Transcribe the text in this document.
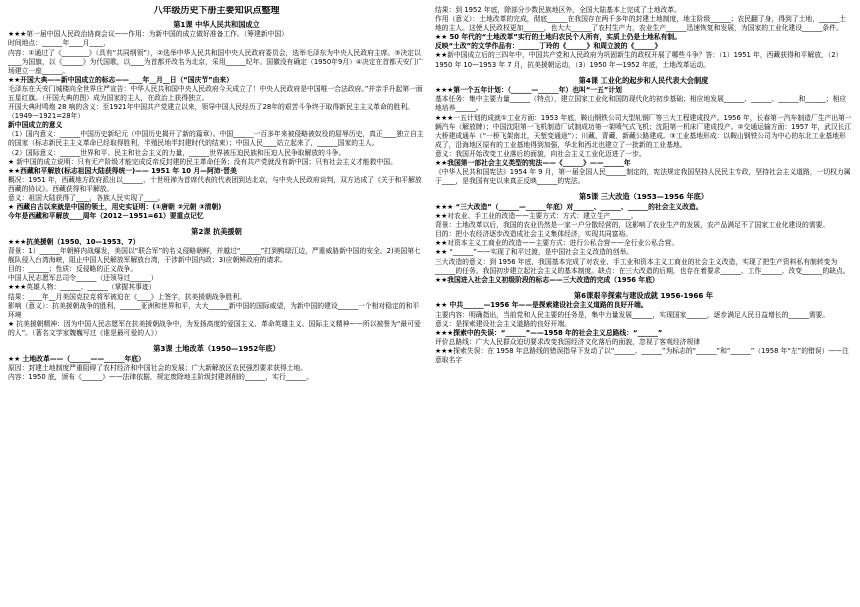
八年级历史下册主要知识点整理
第1课 中华人民共和国成立

★★★第一届中国人民政治协商会议——作用：为新中国的成立做好准备工作。（筹建新中国）

时间地点：______年____月____，

内容：①通过了《________》（具有“共同纲领”），②选举中华人民共和国中央人民政府委员会，选举毛泽东为中央人民政府主席。③决定以____为国旗，以《______》为代国歌，以____为首都并改名为北京，采用______纪年。国徽没有确定（1950年9月）④决定在首都天安门广场建立一座______。

★★开国大典——新中国成立的标志——____年__月__日（“国庆节”由来）

毛泽东在天安门城楼向全世界庄严宣告：中华人民共和国中央人民政府今天成立了！中央人民政府是中国唯一合法政府。”并亲手升起第一面五星红旗。（开国大典的图）成为国家的主人，在政治上获得独立。

开国大典时鸣炮 28 响的含义：至1921年中国共产党建立以来，领导中国人民经历了28年的艰苦斗争终于取得新民主主义革命的胜利。（1949—1921=28年）

新中国成立的意义

（1）国内意义：______中国历史新纪元（中国历史揭开了新的篇章）。中国______一百多年来被侵略被奴役的屈辱历史，真正____独立自主的国家（标志新民主主义革命已经取得胜利，半殖民地半封建时代的结束）；中国人民____站立起来了，______国家的主人。

（2）国际意义：______世界和平、民主和社会主义的力量，______世界被压迫民族和压迫人民争取解放的斗争。

★ 新中国的成立说明：只有无产阶级才能完成反帝反封建的民主革命任务；没有共产党就没有新中国；只有社会主义才能救中国。

★★西藏和平解放(标志祖国大陆获得统一)—— 1951 年 10 月—阿沛·晋美

概况：1951 年，西藏地方政府派出以______、十世班禅为首席代表的代表团到达北京，与中央人民政府谈判，双方达成了《关于和平解放西藏的协议》。西藏获得和平解放。

意义：祖国大陆获得了____，各族人民实现了____。

★ 西藏自古以来就是中国的领土，用史实证明：(①唐朝 ②元朝 ③清朝)

今年是西藏和平解放____周年（2012－1951=61）要重点记忆

第2课 抗美援朝

★★★抗美援朝（1950、10—1953、7）

背景：1）______年朝鲜内战爆发，美国以“联合军”的名义侵略朝鲜，并越过“______”打到鸭绿江边，严重威胁新中国的安全。2)美国第七舰队侵入台湾海峡，阻止中国人民解放军解放台湾，干涉新中国内政；3)应朝鲜政府的请求。

目的：______；性质：反侵略的正义战争。

中国人民志愿军总司令______（还领导过______）

★★★英雄人物：______、______（掌握其事迹）

结果：____年__月美国克拉克将军被迫在《____》上签字，抗美援朝战争胜利。

影响（意义）：抗美援朝战争的胜利，______亚洲和世界和平，大大______新中国的国际威望，为新中国的建设______一个相对稳定的和平环境

★ 抗美援朝精神：因为中国人民志愿军在抗美援朝战争中，为发扬高度的爱国主义、革命英雄主义、国际主义精神——所以被誉为“最可爱的人”。（著名文学家魏巍写过《谁是最可爱的人》）

第3课 土地改革（1950—1952年底）

★★ 土地改革——（______——______年底）

原因：封建土地制度严重阻碍了农村经济和中国社会的发展；广大新解放区农民强烈要求获得土地。

内容：1950 底，颁布《______》——法律依据，规定废除地主阶级封建剥削的______，实行______。

结果：到 1952 年底，除部分少数民族地区外，全国大陆基本上完成了土地改革。

作用（意义）：土地改革的完成，彻底______在我国存在两千多年的封建土地制度，地主阶级______；农民翻了身，得到了土地，______土地的主人。这使人民政权更加______，也大大______了农村生产力，农业生产______迅速恢复和发展，为国家的工业化建设______条件。

★★ 50 年代的“土地改革”实行的土地归农民个人所有，实质上仍是土地私有制。

反映“土改”的文学作品有：______丁玲的《______》和周立波的《______》

★★新中国成立后的三四年中，中国共产党和人民政府为巩固新生的政权开展了哪些斗争？答：（1）1951 年，西藏获得和平解放，（2）1950 年 10—1953 年 7 月，抗美援朝运动，（3）1950 年—1952 年底，土地改革运动。

第4课 工业化的起步和人民代表大会制度

★★★第一个五年计划：（______—______年）也叫“一五”计划

基本任务：集中主要力量______（特点），建立国家工业化和国防现代化的初步基础；相应地发展______、______、______和______；相应地培养______。

★★★一五计划的成就①工业方面：1953 年底，鞍山钢铁公司大型轧钢厂等三大工程建成投产。1956 年，长春第一汽车制造厂生产出第一辆汽车（解放牌）；中国沈阳第一飞机制造厂试制成功第一架喷气式飞机；沈阳第一机床厂建成投产。②交通运输方面：1957 年，武汉长江大桥建成通车（“一桥飞架南北，天堑变通途”）；川藏、青藏、新藏公路建成。③工业基地形成：以鞍山钢铁公司为中心的东北工业基地形成了，沿海地区原有的工业基地得到加强，华北和西北也建立了一批新的工业基地。

意义：我国开始改变工业落后的面貌，向社会主义工业化迈进了一步。

★★我国第一部社会主义类型的宪法——《______》——______年

《中华人民共和国宪法》1954 年 9 月，第一届全国人民______制定的，宪法规定我国坚持人民民主专政，坚持社会主义道路，一切权力属于____，是我国有史以来真正反映______的宪法。

第5课 三大改造（1953—1956 年底）

★★★ “三大改造”（______—______年底）对______、______、______的社会主义改造。

★★对农业、手工业的改造——主要方式：方式：建立生产______。

背景：土地改革以后，我国的农业仍然是一家一户分散经营的，这影响了农业生产的发展，农产品满足不了国家工业化建设的需要。

目的：把小农经济逐步改造成社会主义集体经济，实现共同富裕。

★★对资本主义工商业的改造——主要方式：进行公私合营——全行业公私合营。

★★ “______”——实现了和平过渡，是中国社会主义改造的创举。

三大改造的意义：到 1956 年底，我国基本完成了对农业、手工业和资本主义工商业的社会主义改造，实现了把生产资料私有制转变为______的任务。我国初步建立起社会主义的基本制度。缺点：在三大改造的后期，也存在着要求______、工作______、改变______的缺点。

★★我国进入社会主义初级阶段的标志——三大改造的完成（1956 年底）

第6课艰辛探索与建设成就 1956-1966 年

★★ 中共______—1956 年——是探索建设社会主义道路的良好开端。

主要内容：明确指出，当前党和人民主要的任务是，集中力量发展______，实现国家______，逐步满足人民日益增长的______需要。

意义：是探索建设社会主义道路的良好开端。

★★★探索中的失误：“______”——1958 年的社会主义总路线：“______”

评价总路线：广大人民群众迫切要求改变我国经济文化落后的面貌，忽视了客观经济规律

★★★探索失误：在 1958 年总路线的错误指导下发动了以“______、______”为标志的“______”和“______”（1958 年“左”的错误）——注意取名字
